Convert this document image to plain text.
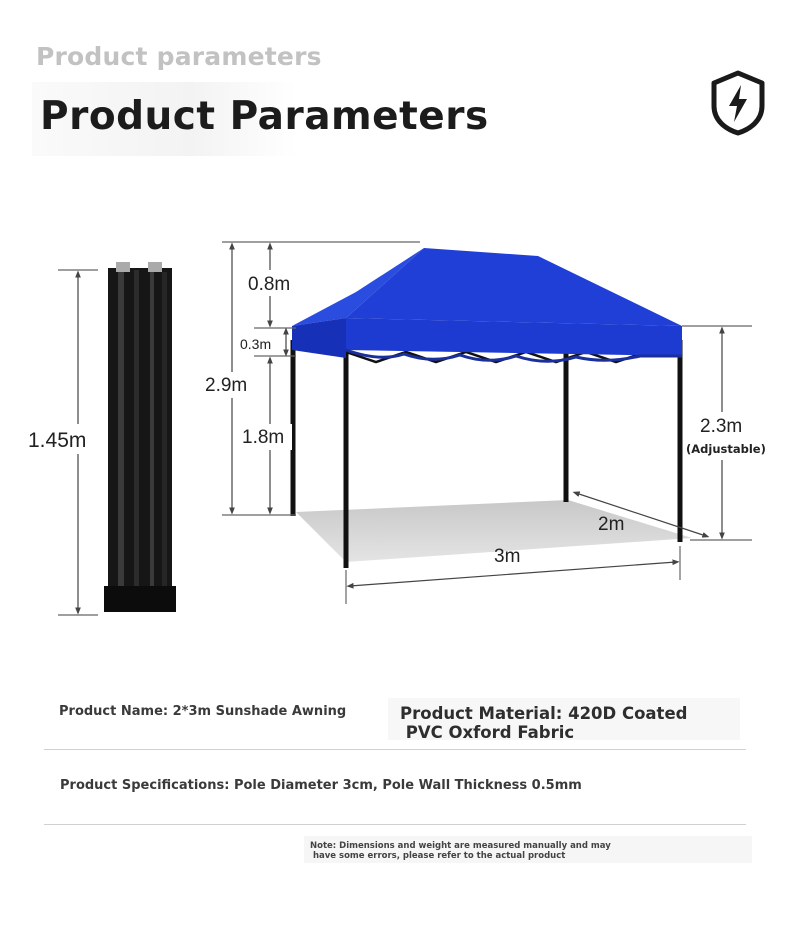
Product parameters
Product Parameters
1.45m
0.8m
0.3m
2.9m
1.8m
2.3m
(Adjustable)
2m
3m
Product Name: 2*3m Sunshade Awning	Product Material: 420D Coated
PVC Oxford Fabric
Product Specifications: Pole Diameter 3cm, Pole Wall Thickness 0.5mm
Note: Dimensions and weight are measured manually and may
have some errors, please refer to the actual product
